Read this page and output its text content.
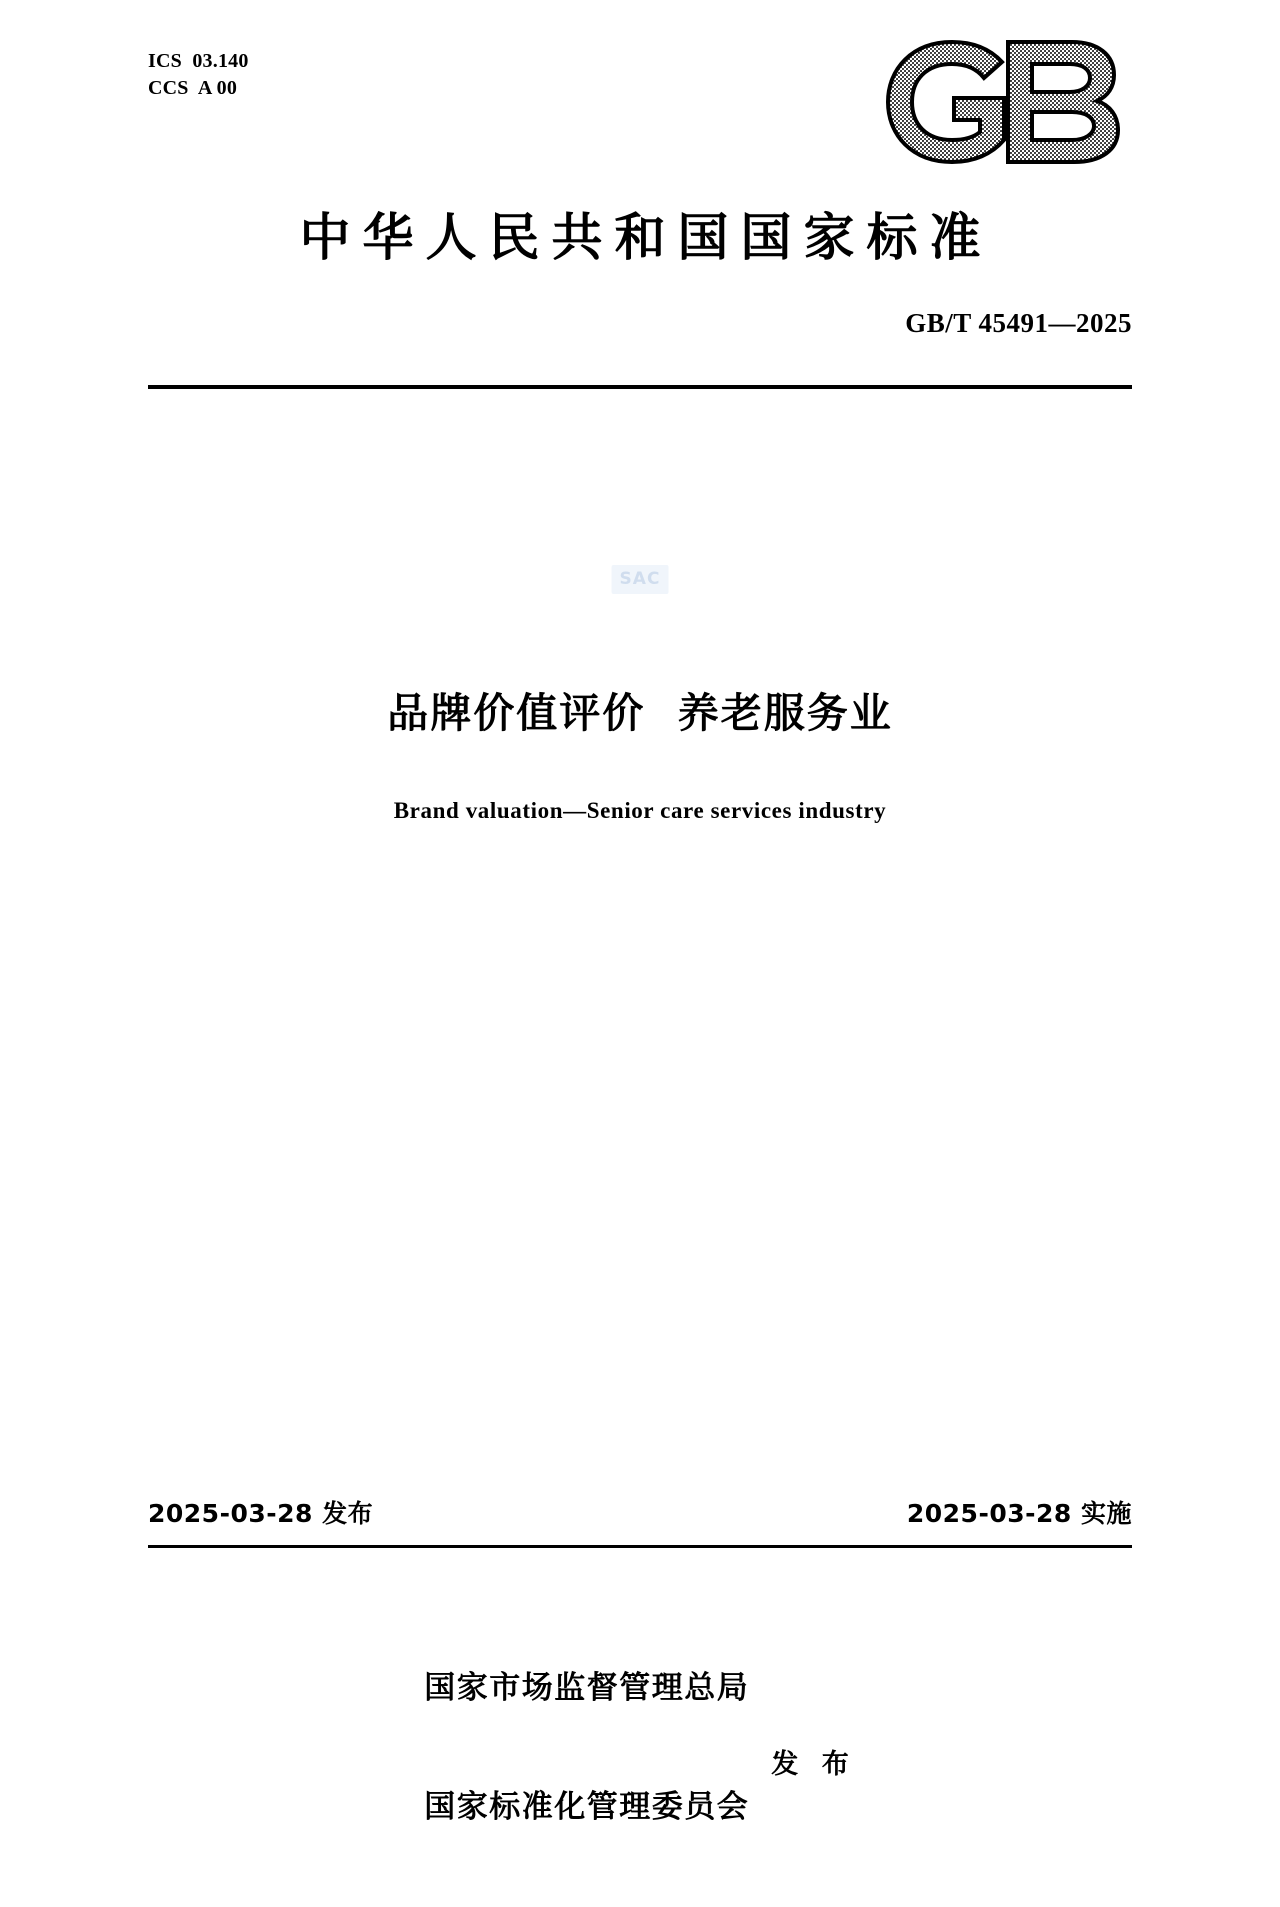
ICS  03.140
CCS  A 00
中华人民共和国国家标准
GB/T 45491—2025
SAC
品牌价值评价  养老服务业
Brand valuation—Senior care services industry
2025-03-28 发布	2025-03-28 实施

国家市场监督管理总局

国家标准化管理委员会

发 布
